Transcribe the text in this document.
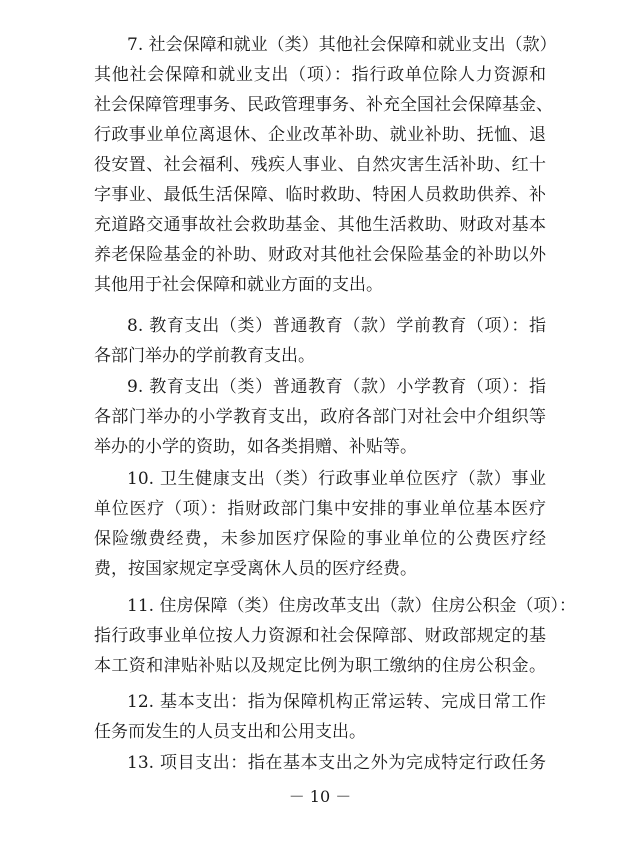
7. 社会保障和就业（类）其他社会保障和就业支出（款）
其他社会保障和就业支出（项）：指行政单位除人力资源和
社会保障管理事务、民政管理事务、补充全国社会保障基金、
行政事业单位离退休、企业改革补助、就业补助、抚恤、退
役安置、社会福利、残疾人事业、自然灾害生活补助、红十
字事业、最低生活保障、临时救助、特困人员救助供养、补
充道路交通事故社会救助基金、其他生活救助、财政对基本
养老保险基金的补助、财政对其他社会保险基金的补助以外
其他用于社会保障和就业方面的支出。
8. 教育支出（类）普通教育（款）学前教育（项）：指
各部门举办的学前教育支出。
9. 教育支出（类）普通教育（款）小学教育（项）：指
各部门举办的小学教育支出，政府各部门对社会中介组织等
举办的小学的资助，如各类捐赠、补贴等。
10. 卫生健康支出（类）行政事业单位医疗（款）事业
单位医疗（项）：指财政部门集中安排的事业单位基本医疗
保险缴费经费，未参加医疗保险的事业单位的公费医疗经
费，按国家规定享受离休人员的医疗经费。
11. 住房保障（类）住房改革支出（款）住房公积金（项）：
指行政事业单位按人力资源和社会保障部、财政部规定的基
本工资和津贴补贴以及规定比例为职工缴纳的住房公积金。
12. 基本支出：指为保障机构正常运转、完成日常工作
任务而发生的人员支出和公用支出。
13. 项目支出：指在基本支出之外为完成特定行政任务
－ 10 －
